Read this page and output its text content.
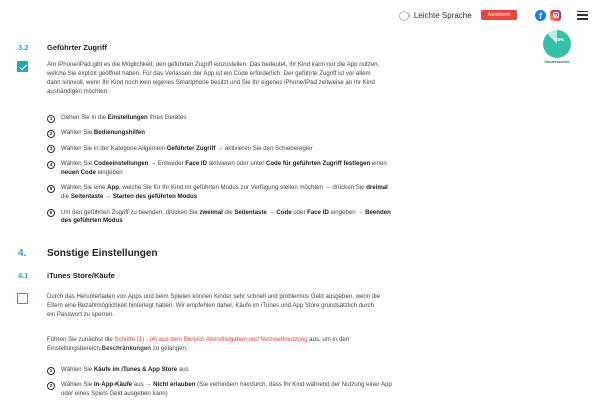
Leichte Sprache	Assistent	f
88%
kinderaecher
3.2 Geführter Zugriff
Am iPhone/iPad gibt es die Möglichkeit, den geführten Zugriff einzustellen. Das bedeutet, Ihr Kind kann nur die App nutzen, welche Sie explizit geöffnet haben. Für das Verlassen der App ist ein Code erforderlich. Der geführte Zugriff ist vor allem dann sinnvoll, wenn Ihr Kind noch kein eigenes Smartphone besitzt und Sie Ihr eigenes iPhone/iPad zeitweise an Ihr Kind aushändigen möchten.
1	Gehen Sie in die Einstellungen Ihres Gerätes
2	Wählen Sie Bedienungshilfen
3	Wählen Sie in der Kategorie Allgemein Geführter Zugriff → aktivieren Sie den Schieberegler
4	Wählen Sie Codeeinstellungen → Entweder Face ID aktivieren oder unter Code für geführten Zugriff festlegen einen neuen Code eingeben
5	Wählen Sie eine App, welche Sie für Ihr Kind im geführten Modus zur Verfügung stellen möchten → drücken Sie dreimal die Seitentaste → Starten des geführten Modus
6	Um den geführten Zugriff zu beenden, drücken Sie zweimal die Seitentaste → Code oder Face ID eingeben → Beenden des geführten Modus
4. Sonstige Einstellungen
4.1 iTunes Store/Käufe
Durch das Herunterladen von Apps und beim Spielen können Kinder sehr schnell und problemlos Geld ausgeben, wenn die Eltern eine Bezahlmöglichkeit hinterlegt haben. Wir empfehlen daher, Käufe im iTunes und App Store grundsätzlich durch ein Passwort zu sperren.
Führen Sie zunächst die Schritte (1) - (4) aus dem Bereich Altersfreigaben und Netzwerknutzung aus, um in den Einstellungsbereich Beschränkungen zu gelangen.
1	Wählen Sie Käufe im iTunes & App Store aus
2	Wählen Sie In-App-Käufe aus → Nicht erlauben (Sie verhindern hierdurch, dass Ihr Kind während der Nutzung einer App oder eines Spiels Geld ausgeben kann)
